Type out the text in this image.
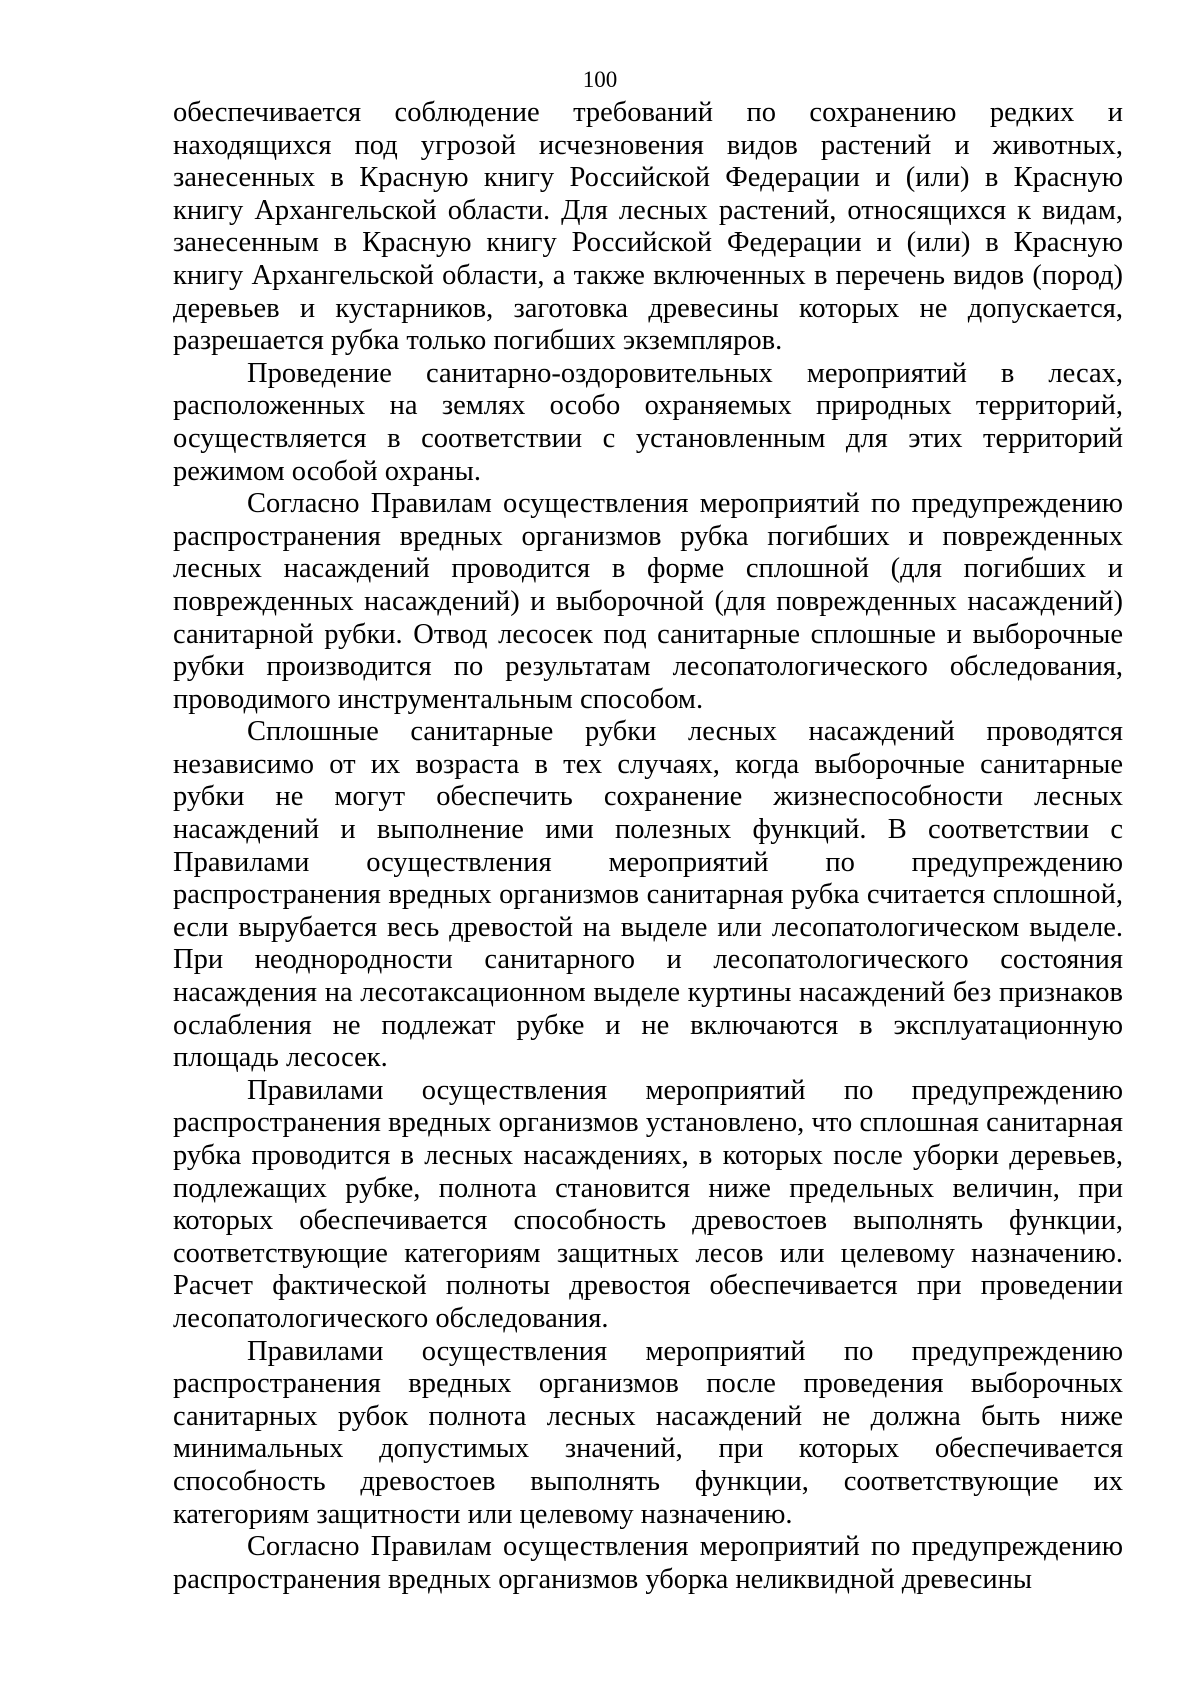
100

обеспечивается соблюдение требований по сохранению редких и находящихся под угрозой исчезновения видов растений и животных, занесенных в Красную книгу Российской Федерации и (или) в Красную книгу Архангельской области. Для лесных растений, относящихся к видам, занесенным в Красную книгу Российской Федерации и (или) в Красную книгу Архангельской области, а также включенных в перечень видов (пород) деревьев и кустарников, заготовка древесины которых не допускается, разрешается рубка только погибших экземпляров.

Проведение санитарно-оздоровительных мероприятий в лесах, расположенных на землях особо охраняемых природных территорий, осуществляется в соответствии с установленным для этих территорий режимом особой охраны.

Согласно Правилам осуществления мероприятий по предупреждению распространения вредных организмов рубка погибших и поврежденных лесных насаждений проводится в форме сплошной (для погибших и поврежденных насаждений) и выборочной (для поврежденных насаждений) санитарной рубки. Отвод лесосек под санитарные сплошные и выборочные рубки производится по результатам лесопатологического обследования, проводимого инструментальным способом.

Сплошные санитарные рубки лесных насаждений проводятся независимо от их возраста в тех случаях, когда выборочные санитарные рубки не могут обеспечить сохранение жизнеспособности лесных насаждений и выполнение ими полезных функций. В соответствии с Правилами осуществления мероприятий по предупреждению распространения вредных организмов санитарная рубка считается сплошной, если вырубается весь древостой на выделе или лесопатологическом выделе. При неоднородности санитарного и лесопатологического состояния насаждения на лесотаксационном выделе куртины насаждений без признаков ослабления не подлежат рубке и не включаются в эксплуатационную площадь лесосек.

Правилами осуществления мероприятий по предупреждению распространения вредных организмов установлено, что сплошная санитарная рубка проводится в лесных насаждениях, в которых после уборки деревьев, подлежащих рубке, полнота становится ниже предельных величин, при которых обеспечивается способность древостоев выполнять функции, соответствующие категориям защитных лесов или целевому назначению. Расчет фактической полноты древостоя обеспечивается при проведении лесопатологического обследования.

Правилами осуществления мероприятий по предупреждению распространения вредных организмов после проведения выборочных санитарных рубок полнота лесных насаждений не должна быть ниже минимальных допустимых значений, при которых обеспечивается способность древостоев выполнять функции, соответствующие их категориям защитности или целевому назначению.

Согласно Правилам осуществления мероприятий по предупреждению распространения вредных организмов уборка неликвидной древесины
